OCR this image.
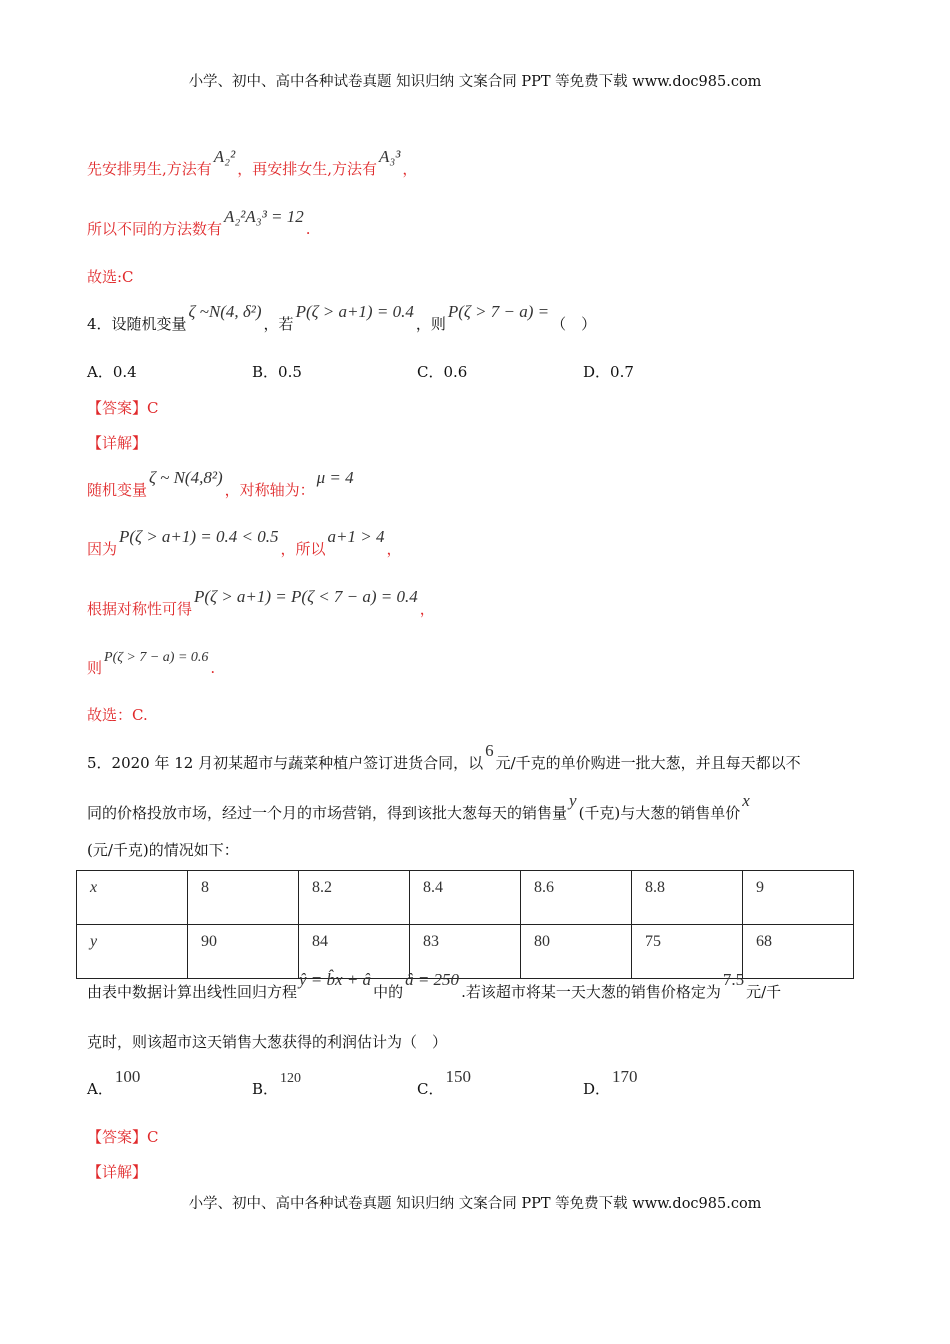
小学、初中、高中各种试卷真题 知识归纳 文案合同 PPT 等免费下载 www.doc985.com
先安排男生,方法有A₂²，再安排女生,方法有A₃³，
所以不同的方法数有A₂²A₃³ = 12.
故选:C
4．设随机变量ζ ~N(4, δ²)，若P(ζ > a+1) = 0.4，则P(ζ > 7 − a) =（　）
A．0.4	B．0.5	C．0.6	D．0.7
【答案】C
【详解】
随机变量ζ ~ N(4,8²)，对称轴为：μ = 4
因为P(ζ > a+1) = 0.4 < 0.5，所以a+1 > 4，
根据对称性可得P(ζ > a+1) = P(ζ < 7 − a) = 0.4，
则P(ζ > 7 − a) = 0.6.
故选：C.
5．2020 年 12 月初某超市与蔬菜种植户签订进货合同，以6元/千克的单价购进一批大葱，并且每天都以不
同的价格投放市场，经过一个月的市场营销，得到该批大葱每天的销售量y(千克)与大葱的销售单价x
(元/千克)的情况如下：
x	8	8.2	8.4	8.6	8.8	9
y	90	84	83	80	75	68
由表中数据计算出线性回归方程ŷ = b̂x + â中的â = 250.若该超市将某一天大葱的销售价格定为7.5元/千
克时，则该超市这天销售大葱获得的利润估计为（　）
A．100
B．120
C．150
D．170
【答案】C
【详解】
小学、初中、高中各种试卷真题 知识归纳 文案合同 PPT 等免费下载 www.doc985.com
